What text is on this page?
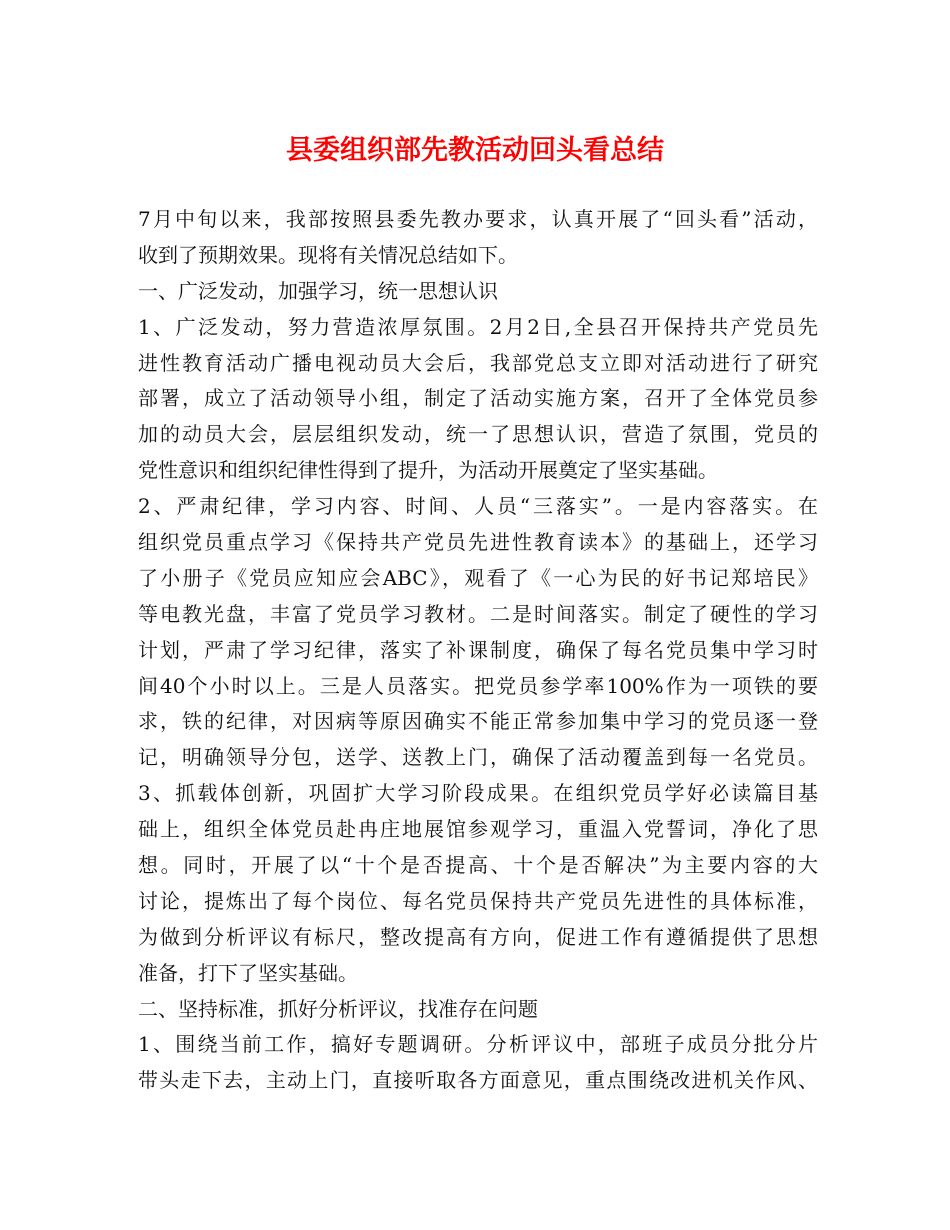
县委组织部先教活动回头看总结
7月中旬以来，我部按照县委先教办要求，认真开展了“回头看”活动，
收到了预期效果。现将有关情况总结如下。
一、广泛发动，加强学习，统一思想认识
1、广泛发动，努力营造浓厚氛围。2月2日,全县召开保持共产党员先
进性教育活动广播电视动员大会后，我部党总支立即对活动进行了研究
部署，成立了活动领导小组，制定了活动实施方案，召开了全体党员参
加的动员大会，层层组织发动，统一了思想认识，营造了氛围，党员的
党性意识和组织纪律性得到了提升，为活动开展奠定了坚实基础。
2、严肃纪律，学习内容、时间、人员“三落实”。一是内容落实。在
组织党员重点学习《保持共产党员先进性教育读本》的基础上，还学习
了小册子《党员应知应会ABC》，观看了《一心为民的好书记郑培民》
等电教光盘，丰富了党员学习教材。二是时间落实。制定了硬性的学习
计划，严肃了学习纪律，落实了补课制度，确保了每名党员集中学习时
间40个小时以上。三是人员落实。把党员参学率100%作为一项铁的要
求，铁的纪律，对因病等原因确实不能正常参加集中学习的党员逐一登
记，明确领导分包，送学、送教上门，确保了活动覆盖到每一名党员。
3、抓载体创新，巩固扩大学习阶段成果。在组织党员学好必读篇目基
础上，组织全体党员赴冉庄地展馆参观学习，重温入党誓词，净化了思
想。同时，开展了以“十个是否提高、十个是否解决”为主要内容的大
讨论，提炼出了每个岗位、每名党员保持共产党员先进性的具体标准，
为做到分析评议有标尺，整改提高有方向，促进工作有遵循提供了思想
准备，打下了坚实基础。
二、坚持标准，抓好分析评议，找准存在问题
1、围绕当前工作，搞好专题调研。分析评议中，部班子成员分批分片
带头走下去，主动上门，直接听取各方面意见，重点围绕改进机关作风、
